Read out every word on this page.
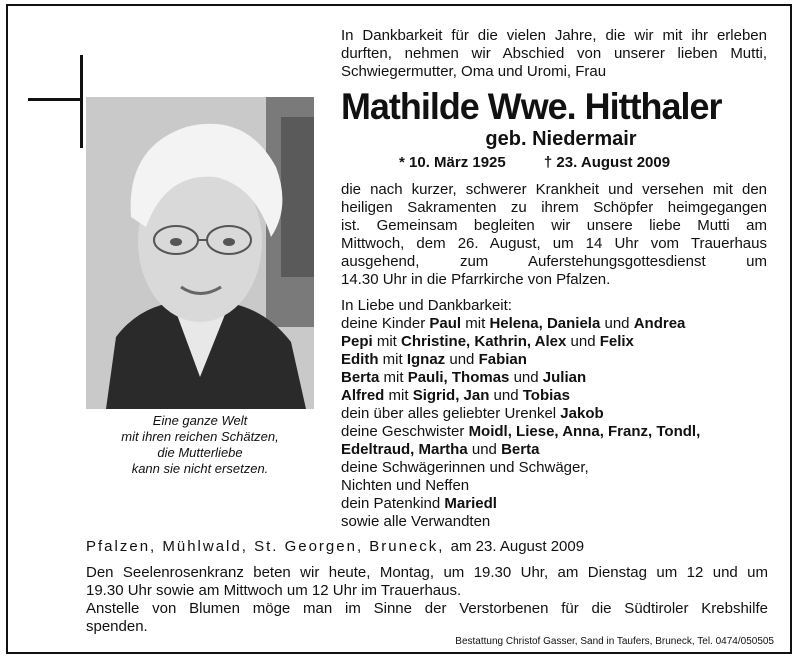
Eine ganze Welt
mit ihren reichen Schätzen,
die Mutterliebe
kann sie nicht ersetzen.
In Dankbarkeit für die vielen Jahre, die wir mit ihr erleben
durften, nehmen wir Abschied von unserer lieben Mutti,
Schwiegermutter, Oma und Uromi, Frau
Mathilde Wwe. Hitthaler
geb. Niedermair
* 10. März 1925	† 23. August 2009
die nach kurzer, schwerer Krankheit und versehen mit den
heiligen Sakramenten zu ihrem Schöpfer heimgegangen
ist. Gemeinsam begleiten wir unsere liebe Mutti am
Mittwoch, dem 26. August, um 14 Uhr vom Trauerhaus
ausgehend, zum Auferstehungsgottesdienst um
14.30 Uhr in die Pfarrkirche von Pfalzen.
In Liebe und Dankbarkeit:
deine Kinder Paul mit Helena, Daniela und Andrea
Pepi mit Christine, Kathrin, Alex und Felix
Edith mit Ignaz und Fabian
Berta mit Pauli, Thomas und Julian
Alfred mit Sigrid, Jan und Tobias
dein über alles geliebter Urenkel Jakob
deine Geschwister Moidl, Liese, Anna, Franz, Tondl,
Edeltraud, Martha und Berta
deine Schwägerinnen und Schwäger,
Nichten und Neffen
dein Patenkind Mariedl
sowie alle Verwandten
Pfalzen, Mühlwald, St. Georgen, Bruneck, am 23. August 2009
Den Seelenrosenkranz beten wir heute, Montag, um 19.30 Uhr, am Dienstag um 12 und um
19.30 Uhr sowie am Mittwoch um 12 Uhr im Trauerhaus.
Anstelle von Blumen möge man im Sinne der Verstorbenen für die Südtiroler Krebshilfe
spenden.
Bestattung Christof Gasser, Sand in Taufers, Bruneck, Tel. 0474/050505
